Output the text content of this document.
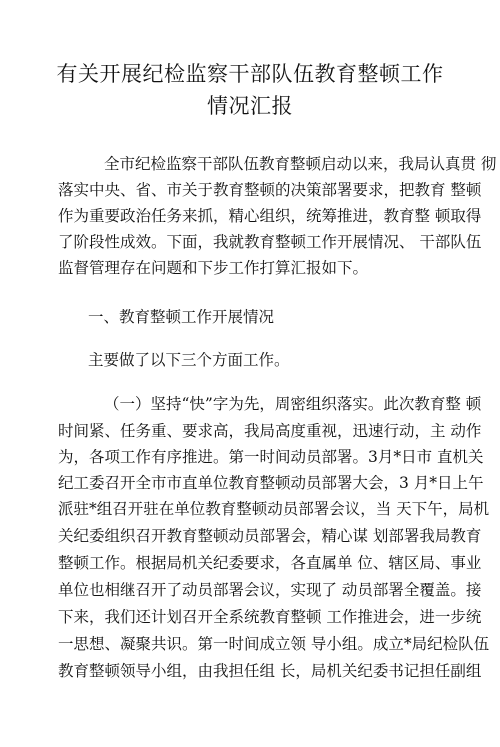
有关开展纪检监察干部队伍教育整顿工作
情况汇报
全市纪检监察干部队伍教育整顿启动以来，我局认真贯 彻
落实中央、省、市关于教育整顿的决策部署要求，把教育 整顿
作为重要政治任务来抓，精心组织，统筹推进，教育整 顿取得
了阶段性成效。下面，我就教育整顿工作开展情况、 干部队伍
监督管理存在问题和下步工作打算汇报如下。
一、教育整顿工作开展情况
主要做了以下三个方面工作。
（一）坚持“快”字为先，周密组织落实。此次教育整 顿
时间紧、任务重、要求高，我局高度重视，迅速行动，主 动作
为，各项工作有序推进。第一时间动员部署。3月*日市 直机关
纪工委召开全市市直单位教育整顿动员部署大会，3 月*日上午
派驻*组召开驻在单位教育整顿动员部署会议，当 天下午，局机
关纪委组织召开教育整顿动员部署会，精心谋 划部署我局教育
整顿工作。根据局机关纪委要求，各直属单 位、辖区局、事业
单位也相继召开了动员部署会议，实现了 动员部署全覆盖。接
下来，我们还计划召开全系统教育整顿 工作推进会，进一步统
一思想、凝聚共识。第一时间成立领 导小组。成立*局纪检队伍
教育整顿领导小组，由我担任组 长，局机关纪委书记担任副组
